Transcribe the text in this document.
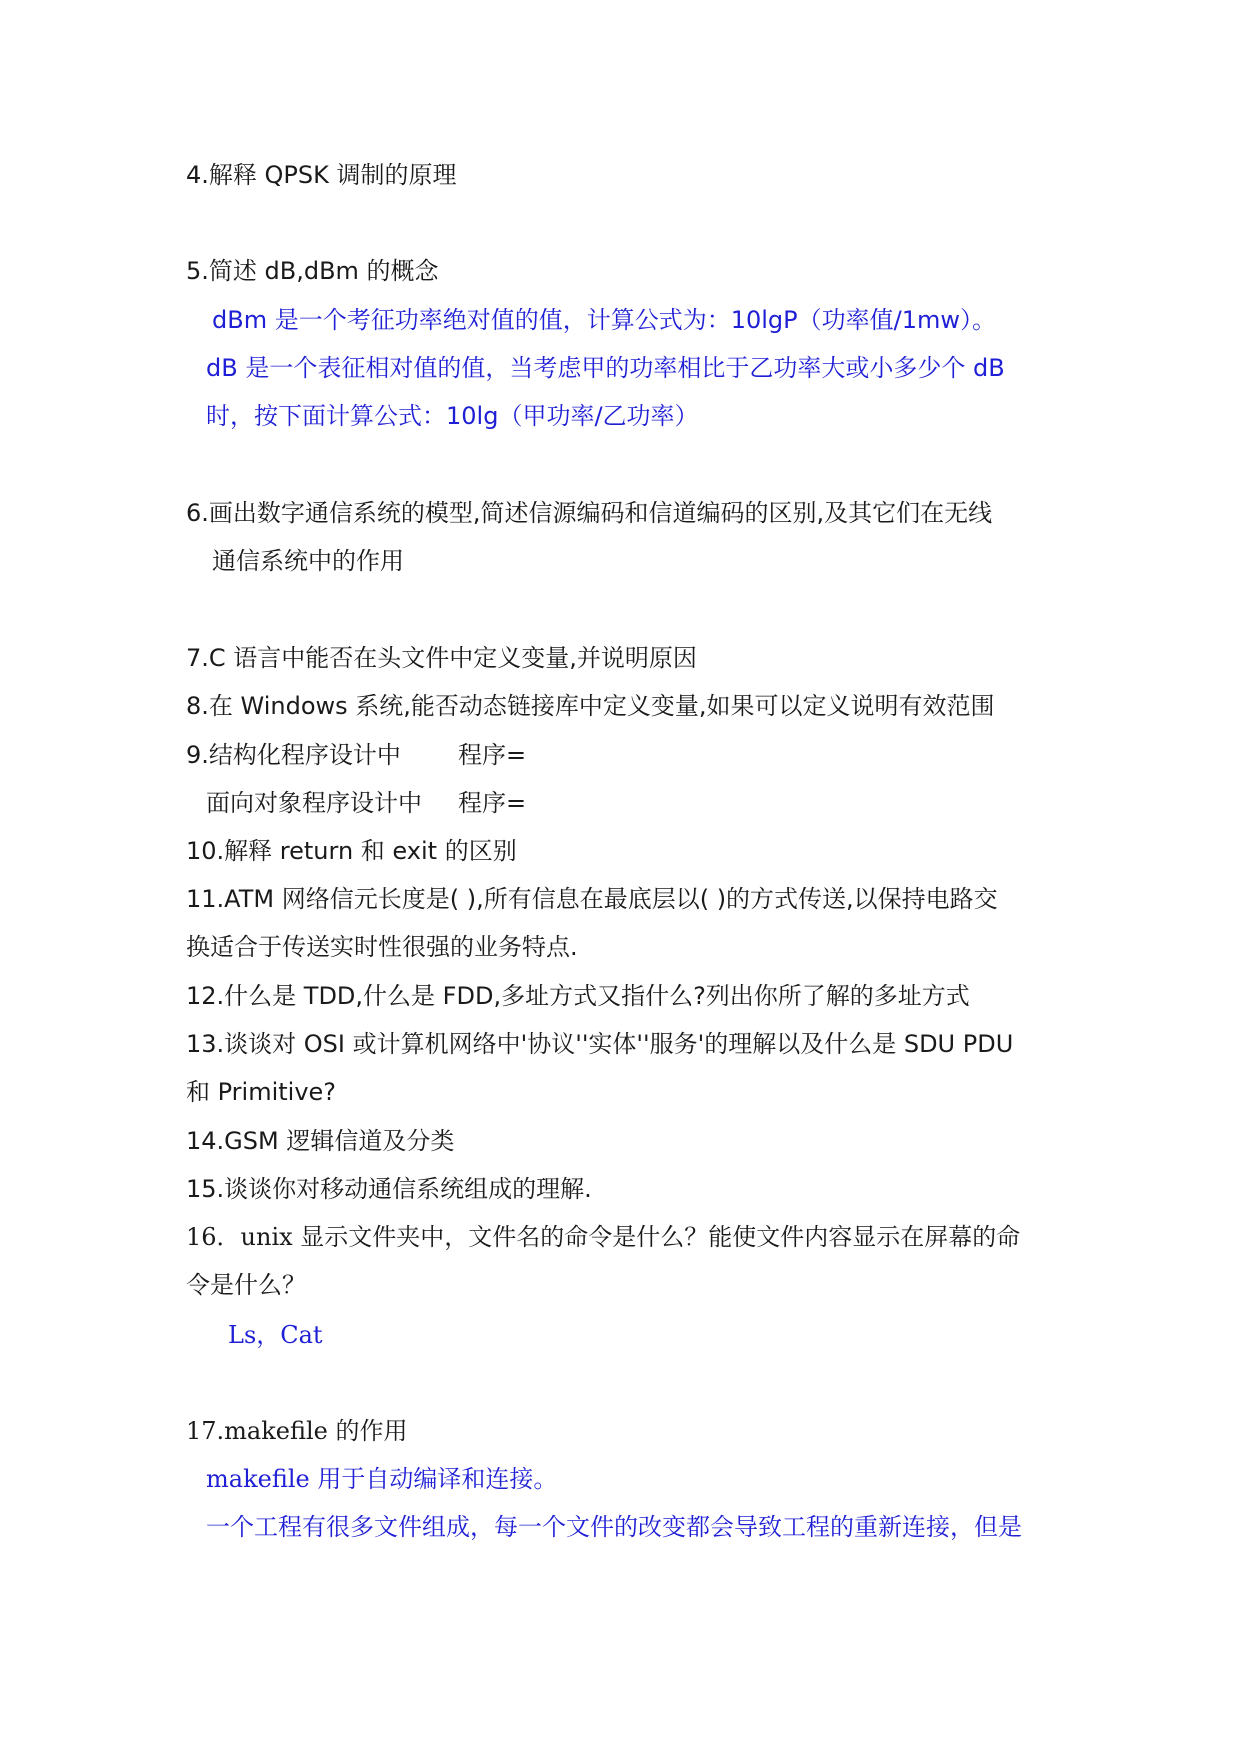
4.解释 QPSK 调制的原理
5.简述 dB,dBm 的概念
dBm 是一个考征功率绝对值的值，计算公式为：10lgP（功率值/1mw）。
dB 是一个表征相对值的值，当考虑甲的功率相比于乙功率大或小多少个 dB
时，按下面计算公式：10lg（甲功率/乙功率）
6.画出数字通信系统的模型,简述信源编码和信道编码的区别,及其它们在无线
通信系统中的作用
7.C 语言中能否在头文件中定义变量,并说明原因
8.在 Windows 系统,能否动态链接库中定义变量,如果可以定义说明有效范围
9.结构化程序设计中 程序=
面向对象程序设计中 程序=
10.解释 return 和 exit 的区别
11.ATM 网络信元长度是( ),所有信息在最底层以( )的方式传送,以保持电路交
换适合于传送实时性很强的业务特点.
12.什么是 TDD,什么是 FDD,多址方式又指什么?列出你所了解的多址方式
13.谈谈对 OSI 或计算机网络中'协议''实体''服务'的理解以及什么是 SDU PDU
和 Primitive?
14.GSM 逻辑信道及分类
15.谈谈你对移动通信系统组成的理解.
16．unix 显示文件夹中，文件名的命令是什么？能使文件内容显示在屏幕的命
令是什么？
Ls，Cat
17.makefile 的作用
makefile 用于自动编译和连接。
一个工程有很多文件组成，每一个文件的改变都会导致工程的重新连接，但是
